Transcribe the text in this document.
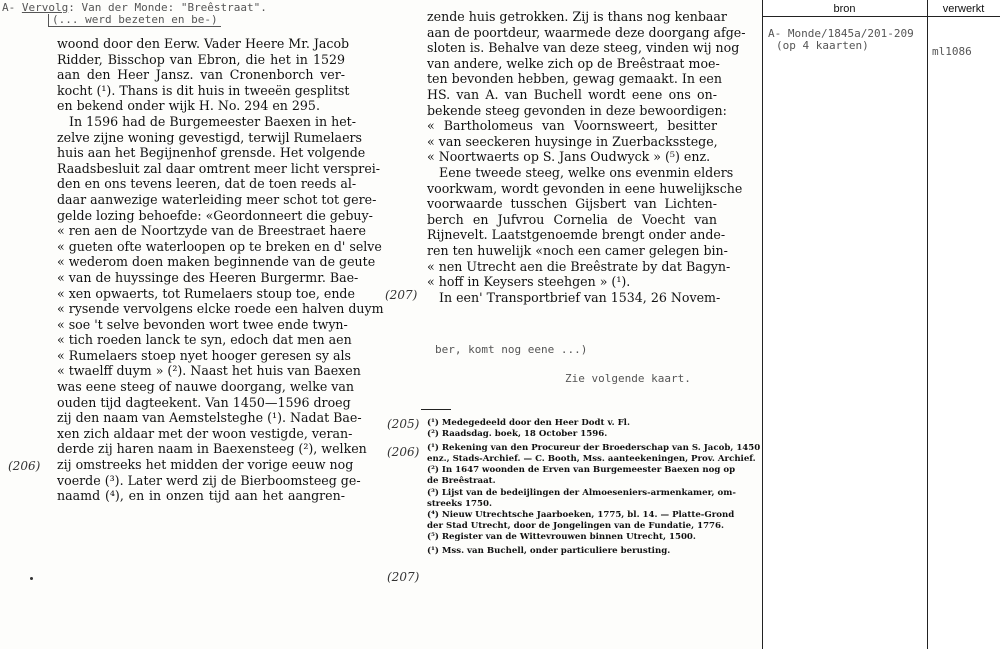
A- Vervolg: Van der Monde: "Breêstraat".
(... werd bezeten en be-)
woond door den Eerw. Vader Heere Mr. Jacob
Ridder, Bisschop van Ebron, die het in 1529
aan den Heer Jansz. van Cronenborch ver-
kocht (¹). Thans is dit huis in tweeën gesplitst
en bekend onder wijk H. No. 294 en 295.
In 1596 had de Burgemeester Baexen in het-
zelve zijne woning gevestigd, terwijl Rumelaers
huis aan het Begijnenhof grensde. Het volgende
Raadsbesluit zal daar omtrent meer licht versprei-
den en ons tevens leeren, dat de toen reeds al-
daar aanwezige waterleiding meer schot tot gere-
gelde lozing behoefde: «Geordonneert die gebuy-
« ren aen de Noortzyde van de Breestraet haere
« gueten ofte waterloopen op te breken en d' selve
« wederom doen maken beginnende van de geute
« van de huyssinge des Heeren Burgermr. Bae-
« xen opwaerts, tot Rumelaers stoup toe, ende
« rysende vervolgens elcke roede een halven duym
« soe 't selve bevonden wort twee ende twyn-
« tich roeden lanck te syn, edoch dat men aen
« Rumelaers stoep nyet hooger geresen sy als
« twaelff duym » (²). Naast het huis van Baexen
was eene steeg of nauwe doorgang, welke van
ouden tijd dagteekent. Van 1450—1596 droeg
zij den naam van Aemstelsteghe (¹). Nadat Bae-
xen zich aldaar met der woon vestigde, veran-
derde zij haren naam in Baexensteeg (²), welken
zij omstreeks het midden der vorige eeuw nog
voerde (³). Later werd zij de Bierboomsteeg ge-
naamd (⁴), en in onzen tijd aan het aangren-
zende huis getrokken. Zij is thans nog kenbaar
aan de poortdeur, waarmede deze doorgang afge-
sloten is. Behalve van deze steeg, vinden wij nog
van andere, welke zich op de Breêstraat moe-
ten bevonden hebben, gewag gemaakt. In een
HS. van A. van Buchell wordt eene ons on-
bekende steeg gevonden in deze bewoordigen:
« Bartholomeus van Voornsweert, besitter
« van seeckeren huysinge in Zuerbacksstege,
« Noortwaerts op S. Jans Oudwyck » (⁵) enz.
Eene tweede steeg, welke ons evenmin elders
voorkwam, wordt gevonden in eene huwelijksche
voorwaarde tusschen Gijsbert van Lichten-
berch en Jufvrou Cornelia de Voecht van
Rijnevelt. Laatstgenoemde brengt onder ande-
ren ten huwelijk «noch een camer gelegen bin-
« nen Utrecht aen die Breêstrate by dat Bagyn-
« hoff in Keysers steehgen » (¹).
In een' Transportbrief van 1534, 26 Novem-
ber, komt nog eene ...)
Zie volgende kaart.
(206)
(207)
(205)
(206)
(207)
(¹) Medegedeeld door den Heer Dodt v. Fl.
(²) Raadsdag. boek, 18 October 1596.
(¹) Rekening van den Procureur der Broederschap van S. Jacob, 1450
enz., Stads-Archief. — C. Booth, Mss. aanteekeningen, Prov. Archief.
(²) In 1647 woonden de Erven van Burgemeester Baexen nog op
de Breêstraat.
(³) Lijst van de bedeijlingen der Almoeseniers-armenkamer, om-
streeks 1750.
(⁴) Nieuw Utrechtsche Jaarboeken, 1775, bl. 14. — Platte-Grond
der Stad Utrecht, door de Jongelingen van de Fundatie, 1776.
(⁵) Register van de Wittevrouwen binnen Utrecht, 1500.
(¹) Mss. van Buchell, onder particuliere berusting.
bron	verwerkt
A- Monde/1845a/201-209
(op 4 kaarten)	ml1086
